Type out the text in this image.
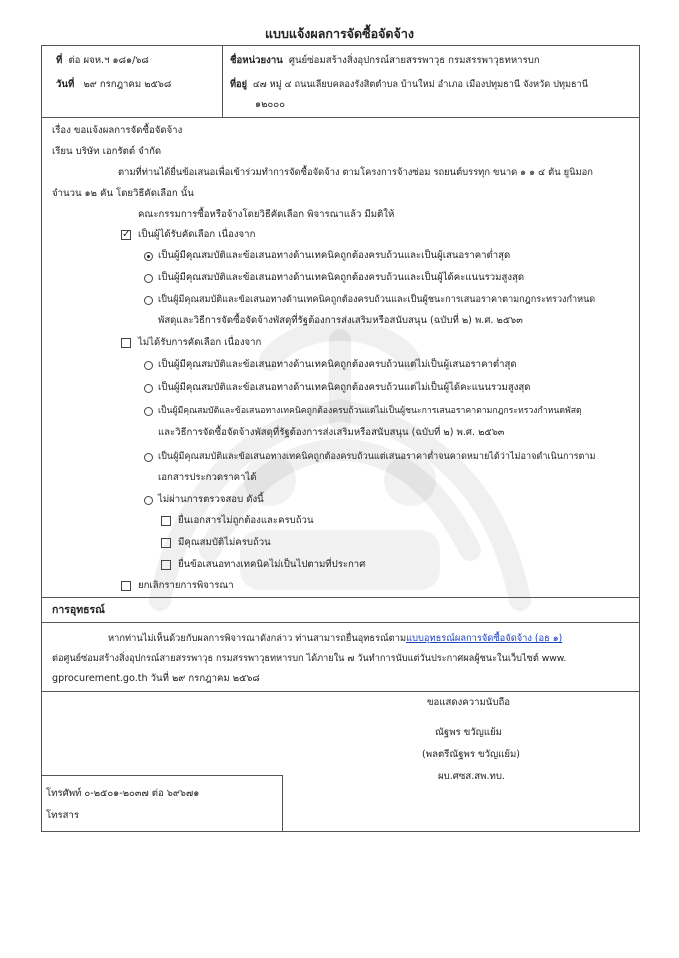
แบบแจ้งผลการจัดซื้อจัดจ้าง
ที่ ต่อ ผจห.ฯ ๑๘๑/๖๘
วันที่ ๒๙ กรกฎาคม ๒๕๖๘
ชื่อหน่วยงาน ศูนย์ซ่อมสร้างสิ่งอุปกรณ์สายสรรพาวุธ กรมสรรพาวุธทหารบก
ที่อยู่ ๔๗ หมู่ ๔ ถนนเลียบคลองรังสิตตำบล บ้านใหม่ อำเภอ เมืองปทุมธานี จังหวัด ปทุมธานี
๑๒๐๐๐
เรื่อง ขอแจ้งผลการจัดซื้อจัดจ้าง
เรียน บริษัท เอกรัตต์ จำกัด
ตามที่ท่านได้ยื่นข้อเสนอเพื่อเข้าร่วมทำการจัดซื้อจัดจ้าง ตามโครงการจ้างซ่อม รถยนต์บรรทุก ขนาด ๑ ๑ ๔ ตัน ยูนิมอก
จำนวน ๑๒ คัน โดยวิธีคัดเลือก นั้น
คณะกรรมการซื้อหรือจ้างโดยวิธีคัดเลือก พิจารณาแล้ว มีมติให้
✓ เป็นผู้ได้รับคัดเลือก เนื่องจาก
เป็นผู้มีคุณสมบัติและข้อเสนอทางด้านเทคนิคถูกต้องครบถ้วนและเป็นผู้เสนอราคาต่ำสุด
เป็นผู้มีคุณสมบัติและข้อเสนอทางด้านเทคนิคถูกต้องครบถ้วนและเป็นผู้ได้คะแนนรวมสูงสุด
เป็นผู้มีคุณสมบัติและข้อเสนอทางด้านเทคนิคถูกต้องครบถ้วนและเป็นผู้ชนะการเสนอราคาตามกฎกระทรวงกำหนด
พัสดุและวิธีการจัดซื้อจัดจ้างพัสดุที่รัฐต้องการส่งเสริมหรือสนับสนุน (ฉบับที่ ๒) พ.ศ. ๒๕๖๓
ไม่ได้รับการคัดเลือก เนื่องจาก
เป็นผู้มีคุณสมบัติและข้อเสนอทางด้านเทคนิคถูกต้องครบถ้วนแต่ไม่เป็นผู้เสนอราคาต่ำสุด
เป็นผู้มีคุณสมบัติและข้อเสนอทางด้านเทคนิคถูกต้องครบถ้วนแต่ไม่เป็นผู้ได้คะแนนรวมสูงสุด
เป็นผู้มีคุณสมบัติและข้อเสนอทางเทคนิคถูกต้องครบถ้วนแต่ไม่เป็นผู้ชนะการเสนอราคาตามกฎกระทรวงกำหนดพัสดุ
และวิธีการจัดซื้อจัดจ้างพัสดุที่รัฐต้องการส่งเสริมหรือสนับสนุน (ฉบับที่ ๒) พ.ศ. ๒๕๖๓
เป็นผู้มีคุณสมบัติและข้อเสนอทางเทคนิคถูกต้องครบถ้วนแต่เสนอราคาต่ำจนคาดหมายได้ว่าไม่อาจดำเนินการตาม
เอกสารประกวดราคาได้
ไม่ผ่านการตรวจสอบ ดังนี้
ยื่นเอกสารไม่ถูกต้องและครบถ้วน
มีคุณสมบัติไม่ครบถ้วน
ยื่นข้อเสนอทางเทคนิคไม่เป็นไปตามที่ประกาศ
ยกเลิกรายการพิจารณา
การอุทธรณ์
หากท่านไม่เห็นด้วยกับผลการพิจารณาดังกล่าว ท่านสามารถยื่นอุทธรณ์ตามแบบอุทธรณ์ผลการจัดซื้อจัดจ้าง (อธ ๑)
ต่อศูนย์ซ่อมสร้างสิ่งอุปกรณ์สายสรรพาวุธ กรมสรรพาวุธทหารบก ได้ภายใน ๗ วันทำการนับแต่วันประกาศผลผู้ชนะในเว็บไซต์ www.
gprocurement.go.th วันที่ ๒๙ กรกฎาคม ๒๕๖๘
ขอแสดงความนับถือ
ณัฐพร ขวัญแย้ม
(พลตรีณัฐพร ขวัญแย้ม)
ผบ.ศซส.สพ.ทบ.
โทรศัพท์ ๐-๒๕๐๑-๒๐๓๗ ต่อ ๖๙๖๗๑
โทรสาร
